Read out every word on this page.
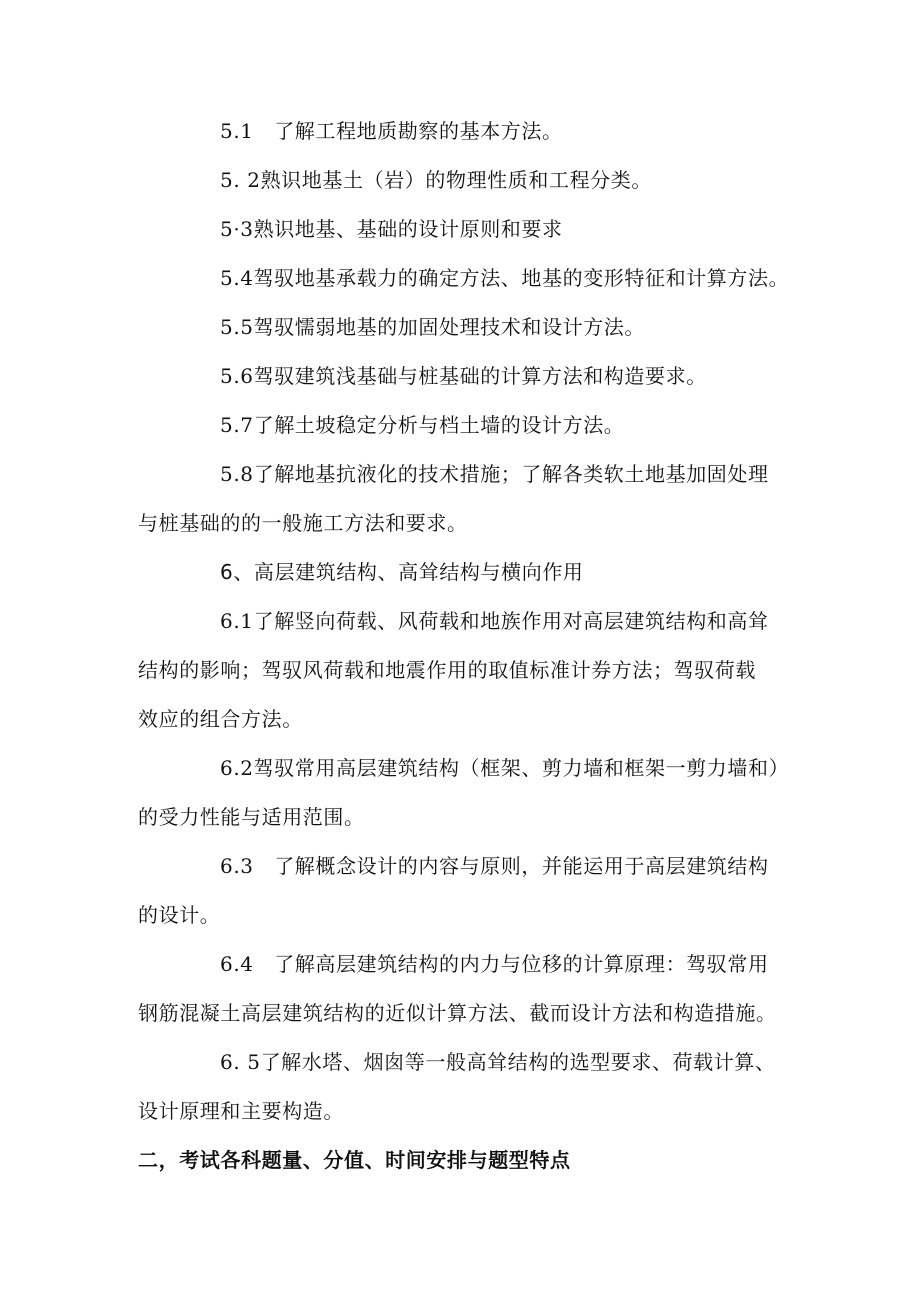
5.1　了解工程地质勘察的基本方法。
5. 2熟识地基土（岩）的物理性质和工程分类。
5·3熟识地基、基础的设计原则和要求
5.4驾驭地基承载力的确定方法、地基的变形特征和计算方法。
5.5驾驭懦弱地基的加固处理技术和设计方法。
5.6驾驭建筑浅基础与桩基础的计算方法和构造要求。
5.7了解土坡稳定分析与档土墙的设计方法。
5.8了解地基抗液化的技术措施；了解各类软土地基加固处理
与桩基础的的一般施工方法和要求。
6、高层建筑结构、高耸结构与横向作用
6.1了解竖向荷载、风荷载和地族作用对高层建筑结构和高耸
结构的影响；驾驭风荷载和地震作用的取值标准计券方法；驾驭荷载
效应的组合方法。
6.2驾驭常用高层建筑结构（框架、剪力墙和框架一剪力墙和）
的受力性能与适用范围。
6.3　了解概念设计的内容与原则，并能运用于高层建筑结构
的设计。
6.4　了解高层建筑结构的内力与位移的计算原理：驾驭常用
钢筋混凝土高层建筑结构的近似计算方法、截而设计方法和构造措施。
6. 5了解水塔、烟囱等一般高耸结构的选型要求、荷载计算、
设计原理和主要构造。
二，考试各科题量、分值、时间安排与题型特点
